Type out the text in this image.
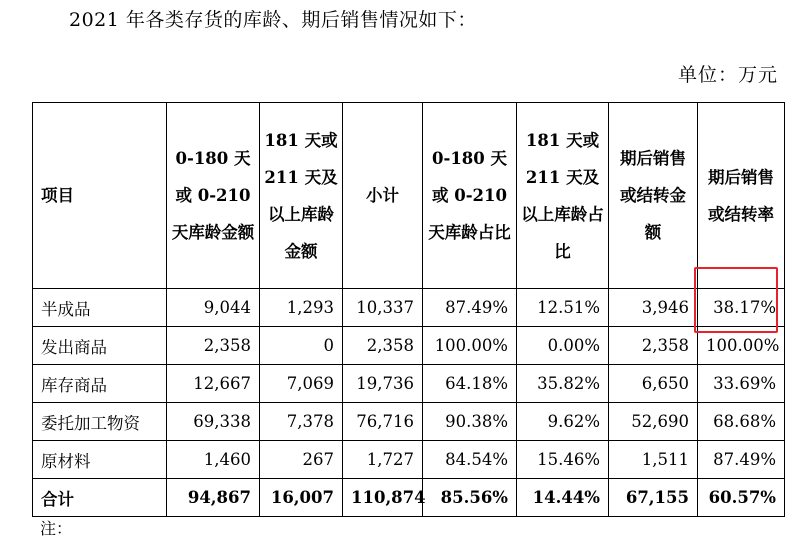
2021 年各类存货的库龄、期后销售情况如下：
单位：万元
项目	0-180 天或 0-210 天库龄金额	181 天或 211 天及以上库龄金额	小计	0-180 天或 0-210 天库龄占比	181 天或 211 天及以上库龄占比	期后销售或结转金额	期后销售或结转率
半成品	9,044	1,293	10,337	87.49%	12.51%	3,946	38.17%
发出商品	2,358	0	2,358	100.00%	0.00%	2,358	100.00%
库存商品	12,667	7,069	19,736	64.18%	35.82%	6,650	33.69%
委托加工物资	69,338	7,378	76,716	90.38%	9.62%	52,690	68.68%
原材料	1,460	267	1,727	84.54%	15.46%	1,511	87.49%
合计	94,867	16,007	110,874	85.56%	14.44%	67,155	60.57%
注：
